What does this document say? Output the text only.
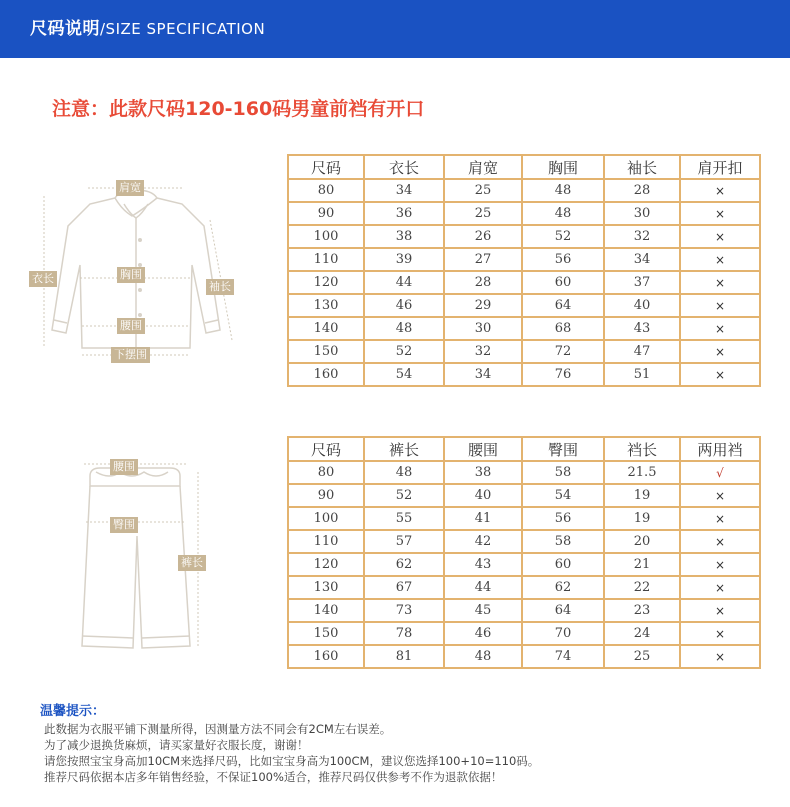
尺码说明/SIZE SPECIFICATION
注意：此款尺码120-160码男童前裆有开口
肩宽
衣长
袖长
胸围
腰围
下摆围
腰围
臀围
裤长
尺码	衣长	肩宽	胸围	袖长	肩开扣
80	34	25	48	28	×
90	36	25	48	30	×
100	38	26	52	32	×
110	39	27	56	34	×
120	44	28	60	37	×
130	46	29	64	40	×
140	48	30	68	43	×
150	52	32	72	47	×
160	54	34	76	51	×
尺码	裤长	腰围	臀围	裆长	两用裆
80	48	38	58	21.5	√
90	52	40	54	19	×
100	55	41	56	19	×
110	57	42	58	20	×
120	62	43	60	21	×
130	67	44	62	22	×
140	73	45	64	23	×
150	78	46	70	24	×
160	81	48	74	25	×
温馨提示：
此数据为衣服平铺下测量所得，因测量方法不同会有2CM左右误差。
为了减少退换货麻烦，请买家量好衣服长度，谢谢！
请您按照宝宝身高加10CM来选择尺码，比如宝宝身高为100CM，建议您选择100+10=110码。
推荐尺码依据本店多年销售经验，不保证100%适合，推荐尺码仅供参考不作为退款依据！
